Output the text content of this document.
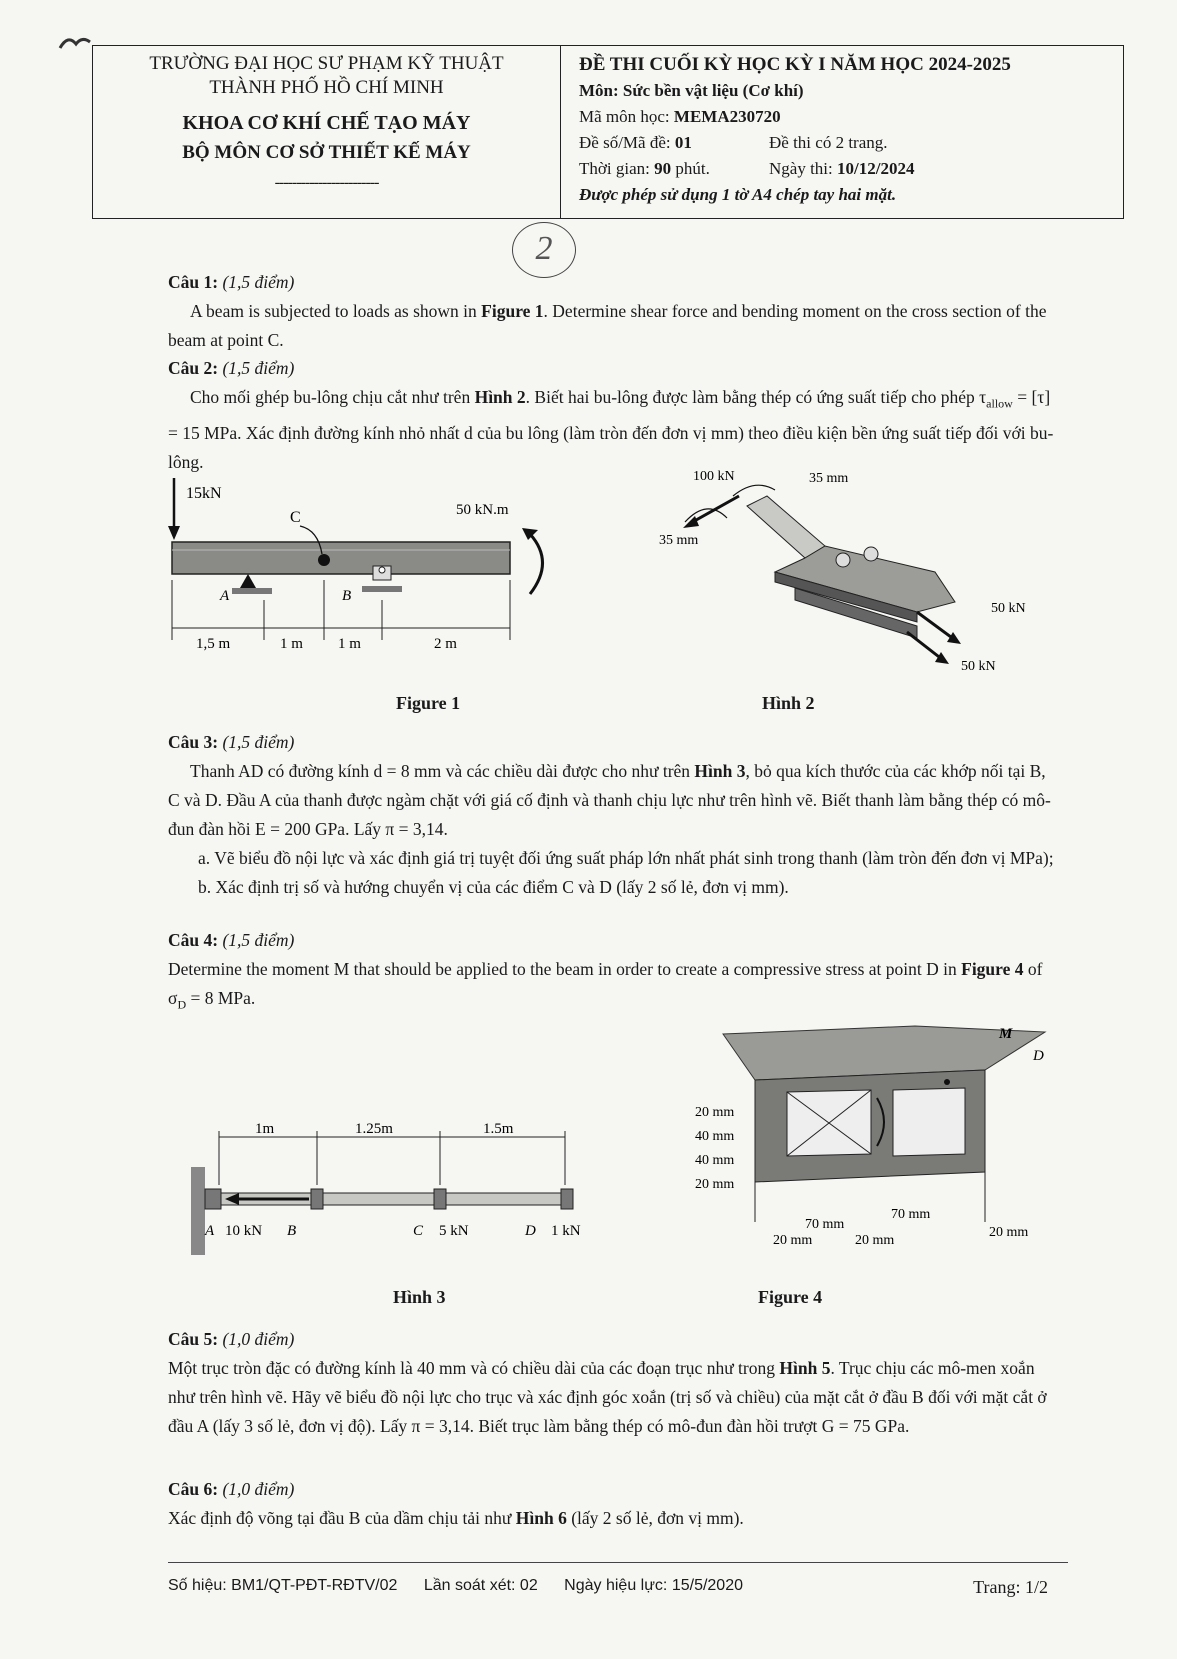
TRƯỜNG ĐẠI HỌC SƯ PHẠM KỸ THUẬT
THÀNH PHỐ HỒ CHÍ MINH
KHOA CƠ KHÍ CHẾ TẠO MÁY
BỘ MÔN CƠ SỞ THIẾT KẾ MÁY
------------------------
ĐỀ THI CUỐI KỲ HỌC KỲ I NĂM HỌC 2024-2025
Môn: Sức bền vật liệu (Cơ khí)
Mã môn học: MEMA230720
Đề số/Mã đề: 01	Đề thi có 2 trang.
Thời gian: 90 phút.	Ngày thi: 10/12/2024
Được phép sử dụng 1 tờ A4 chép tay hai mặt.
2
Câu 1: (1,5 điểm)
A beam is subjected to loads as shown in Figure 1. Determine shear force and bending moment on the cross section of the beam at point C.
Câu 2: (1,5 điểm)
Cho mối ghép bu-lông chịu cắt như trên Hình 2. Biết hai bu-lông được làm bằng thép có ứng suất tiếp cho phép $\tau_{allow} = [\tau] = 15$ MPa. Xác định đường kính nhỏ nhất d của bu lông (làm tròn đến đơn vị mm) theo điều kiện bền ứng suất tiếp đối với bu-lông.
15kN
50 kN.m
C
A	B
1,5 m	1 m 1 m	2 m
Figure 1
100 kN	35 mm
35 mm
50 kN
50 kN
Hình 2
Câu 3: (1,5 điểm)
Thanh AD có đường kính d = 8 mm và các chiều dài được cho như trên Hình 3, bỏ qua kích thước của các khớp nối tại B, C và D. Đầu A của thanh được ngàm chặt với giá cố định và thanh chịu lực như trên hình vẽ. Biết thanh làm bằng thép có mô-đun đàn hồi E = 200 GPa. Lấy π = 3,14.
a. Vẽ biểu đồ nội lực và xác định giá trị tuyệt đối ứng suất pháp lớn nhất phát sinh trong thanh (làm tròn đến đơn vị MPa);
b. Xác định trị số và hướng chuyển vị của các điểm C và D (lấy 2 số lẻ, đơn vị mm).
Câu 4: (1,5 điểm)
Determine the moment M that should be applied to the beam in order to create a compressive stress at point D in Figure 4 of $\sigma_D = 8$ MPa.
1m	1.25m	1.5m
A 10 kN B	C 5 kN	D 1 kN
Hình 3
M
D
20 mm
40 mm
40 mm
20 mm
70 mm
70 mm
20 mm	20 mm
20 mm
Figure 4
Câu 5: (1,0 điểm)
Một trục tròn đặc có đường kính là 40 mm và có chiều dài của các đoạn trục như trong Hình 5. Trục chịu các mô-men xoắn như trên hình vẽ. Hãy vẽ biểu đồ nội lực cho trục và xác định góc xoắn (trị số và chiều) của mặt cắt ở đầu B đối với mặt cắt ở đầu A (lấy 3 số lẻ, đơn vị độ). Lấy π = 3,14. Biết trục làm bằng thép có mô-đun đàn hồi trượt G = 75 GPa.
Câu 6: (1,0 điểm)
Xác định độ võng tại đầu B của dầm chịu tải như Hình 6 (lấy 2 số lẻ, đơn vị mm).
Số hiệu: BM1/QT-PĐT-RĐTV/02 Lần soát xét: 02 Ngày hiệu lực: 15/5/2020	Trang: 1/2
